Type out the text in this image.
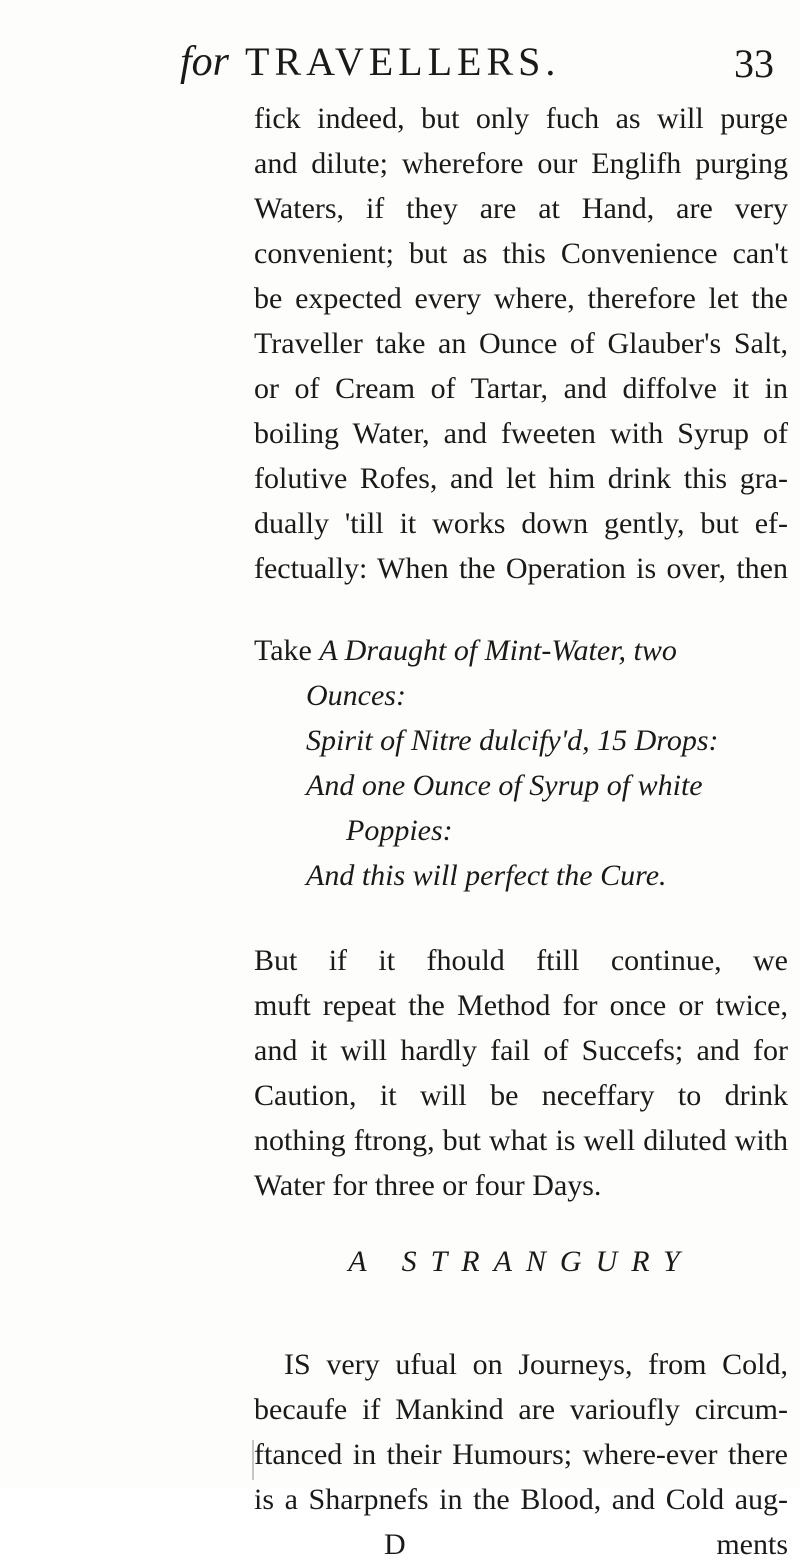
for TRAVELLERS.	33
fick indeed, but only fuch as will purge
and dilute; wherefore our Englifh purging
Waters, if they are at Hand, are very
convenient; but as this Convenience can't
be expected every where, therefore let the
Traveller take an Ounce of Glauber's Salt,
or of Cream of Tartar, and diffolve it in
boiling Water, and fweeten with Syrup of
folutive Rofes, and let him drink this gra-
dually 'till it works down gently, but ef-
fectually: When the Operation is over, then
Take A Draught of Mint-Water, two
Ounces:
Spirit of Nitre dulcify'd, 15 Drops:
And one Ounce of Syrup of white
Poppies:
And this will perfect the Cure.
But if it fhould ftill continue, we
muft repeat the Method for once or twice,
and it will hardly fail of Succefs; and for
Caution, it will be neceffary to drink
nothing ftrong, but what is well diluted with
Water for three or four Days.
A STRANGURY
IS very ufual on Journeys, from Cold,
becaufe if Mankind are varioufly circum-
ftanced in their Humours; where-ever there
is a Sharpnefs in the Blood, and Cold aug-
D	ments
